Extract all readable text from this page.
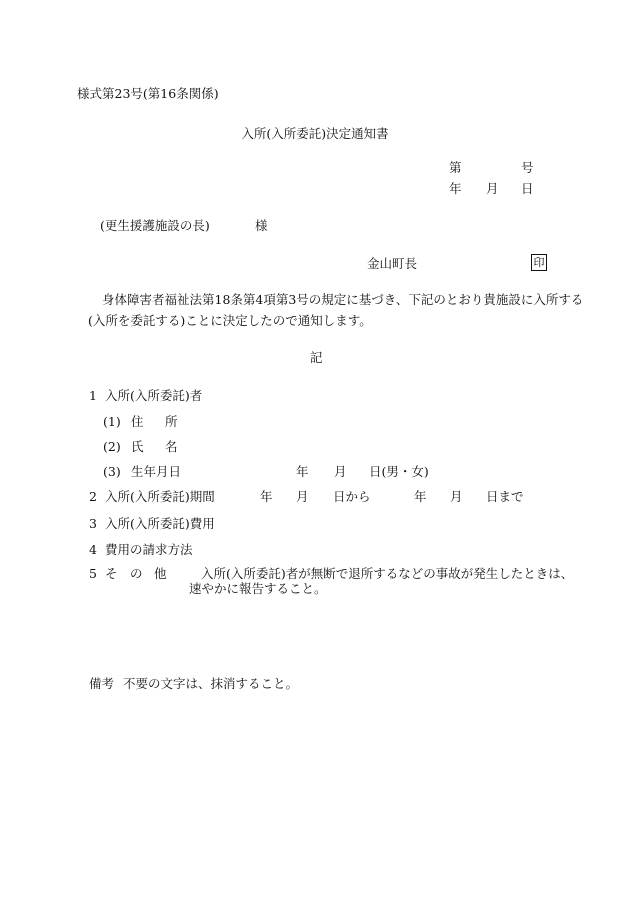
様式第23号(第16条関係)
入所(入所委託)決定通知書
第	号
年 月 日
(更生援護施設の長)	様
金山町長	印
身体障害者福祉法第18条第4項第3号の規定に基づき、下記のとおり貴施設に入所する
(入所を委託する)ことに決定したので通知します。
記
1 入所(入所委託)者
(1) 住 所
(2) 氏 名
(3) 生年月日	年 月 日(男・女)
2 入所(入所委託)期間	年 月 日から	年 月 日まで
3 入所(入所委託)費用
4 費用の請求方法
5 そ の 他	入所(入所委託)者が無断で退所するなどの事故が発生したときは、
速やかに報告すること。
備考 不要の文字は、抹消すること。
